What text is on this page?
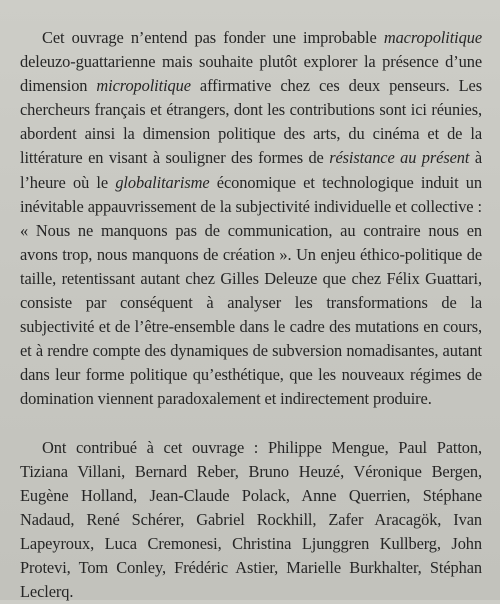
Cet ouvrage n’entend pas fonder une improbable macropolitique deleuzo-guattarienne mais souhaite plutôt explorer la présence d’une dimension micropolitique affirmative chez ces deux penseurs. Les chercheurs français et étrangers, dont les contributions sont ici réunies, abordent ainsi la dimension politique des arts, du cinéma et de la littérature en visant à souligner des formes de résistance au présent à l’heure où le globalitarisme économique et technologique induit un inévitable appauvrissement de la subjectivité individuelle et collective : « Nous ne manquons pas de communication, au contraire nous en avons trop, nous manquons de création ». Un enjeu éthico-politique de taille, retentissant autant chez Gilles Deleuze que chez Félix Guattari, consiste par conséquent à analyser les transformations de la subjectivité et de l’être-ensemble dans le cadre des mutations en cours, et à rendre compte des dynamiques de subversion nomadisantes, autant dans leur forme politique qu’esthétique, que les nouveaux régimes de domination viennent paradoxalement et indirectement produire.

Ont contribué à cet ouvrage : Philippe Mengue, Paul Patton, Tiziana Villani, Bernard Reber, Bruno Heuzé, Véronique Bergen, Eugène Holland, Jean-Claude Polack, Anne Querrien, Stéphane Nadaud, René Schérer, Gabriel Rockhill, Zafer Aracagök, Ivan Lapeyroux, Luca Cremonesi, Christina Ljunggren Kullberg, John Protevi, Tom Conley, Frédéric Astier, Marielle Burkhalter, Stéphan Leclerq.
